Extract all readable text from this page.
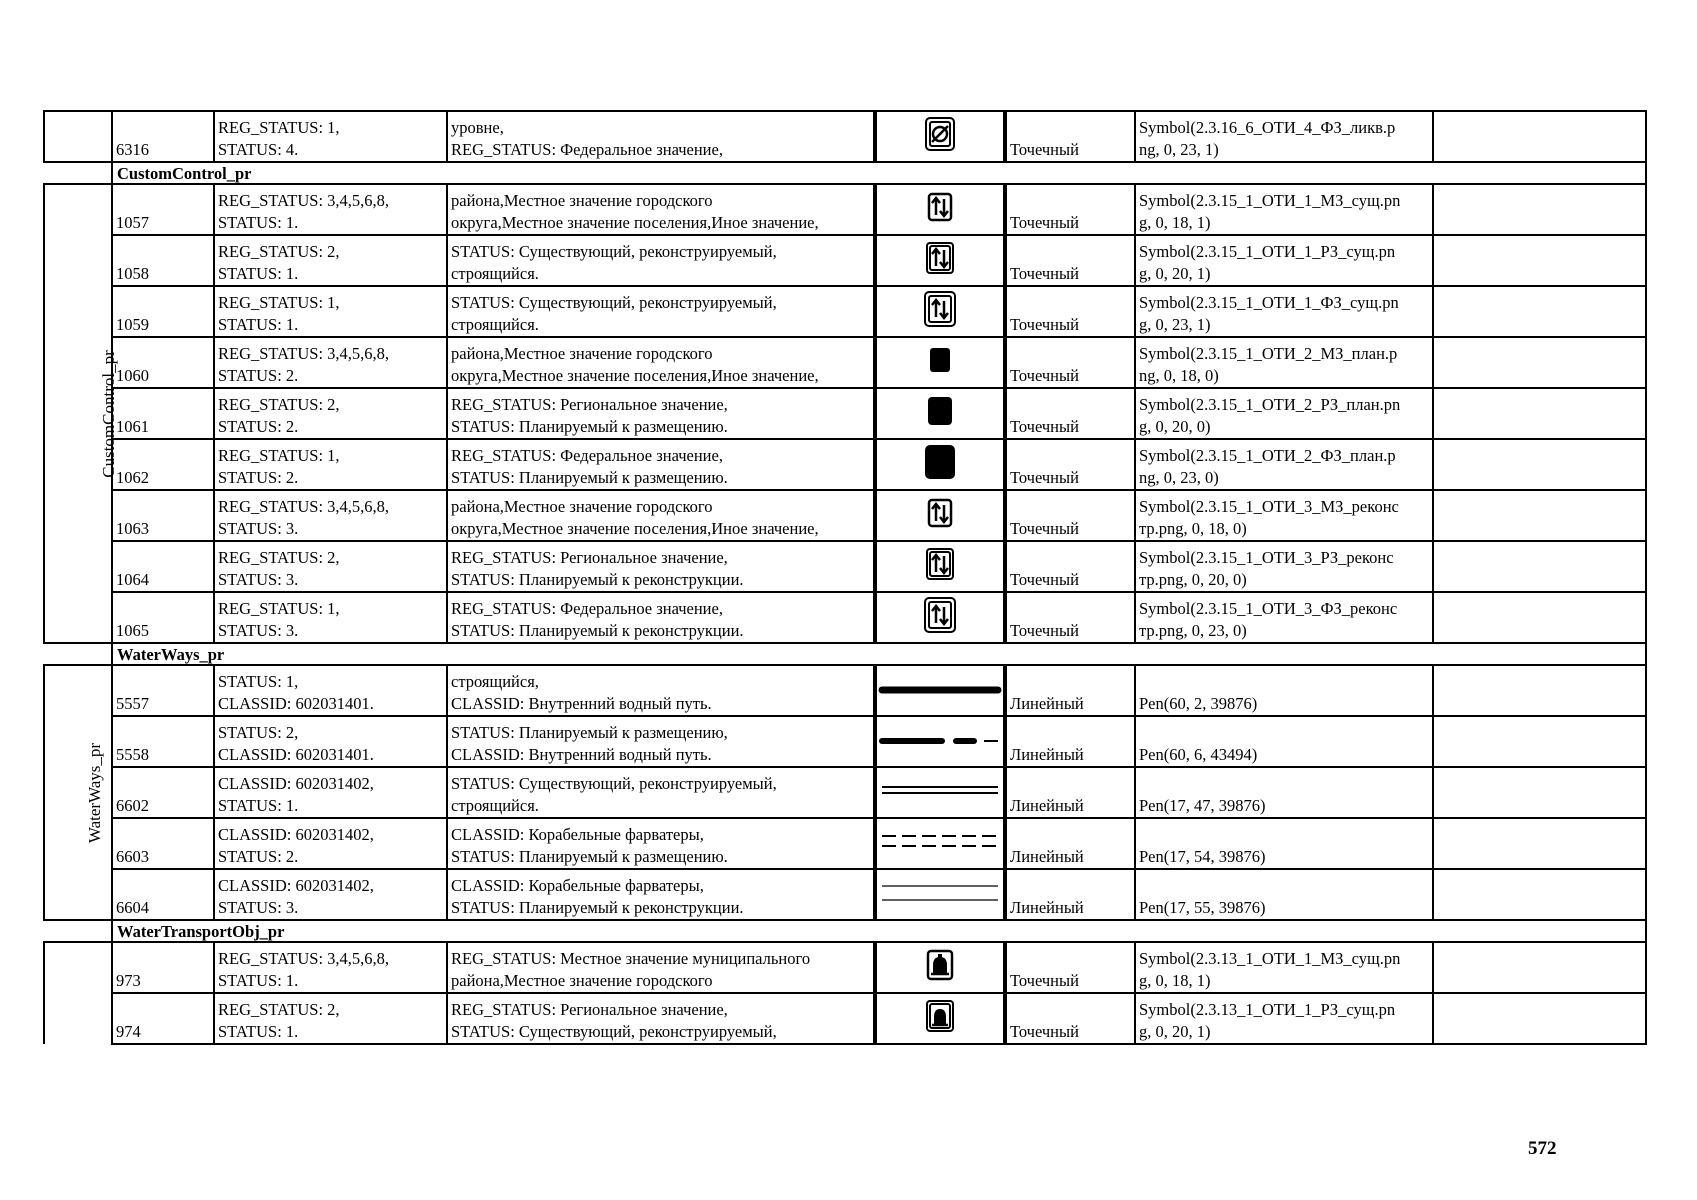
	6316	REG_STATUS: 1,
STATUS: 4.	уровне,
REG_STATUS: Федеральное значение,		Точечный	Symbol(2.3.16_6_ОТИ_4_ФЗ_ликв.p
ng, 0, 23, 1)	

	CustomControl_pr						
CustomControl_pr	1057	REG_STATUS: 3,4,5,6,8,
STATUS: 1.	района,Местное значение городского
округа,Местное значение поселения,Иное значение,		Точечный	Symbol(2.3.15_1_ОТИ_1_МЗ_сущ.pn
g, 0, 18, 1)	

	1058	REG_STATUS: 2,
STATUS: 1.	STATUS: Существующий, реконструируемый,
строящийся.		Точечный	Symbol(2.3.15_1_ОТИ_1_РЗ_сущ.pn
g, 0, 20, 1)	

	1059	REG_STATUS: 1,
STATUS: 1.	STATUS: Существующий, реконструируемый,
строящийся.		Точечный	Symbol(2.3.15_1_ОТИ_1_ФЗ_сущ.pn
g, 0, 23, 1)	

	1060	REG_STATUS: 3,4,5,6,8,
STATUS: 2.	района,Местное значение городского
округа,Местное значение поселения,Иное значение,		Точечный	Symbol(2.3.15_1_ОТИ_2_МЗ_план.p
ng, 0, 18, 0)	

	1061	REG_STATUS: 2,
STATUS: 2.	REG_STATUS: Региональное значение,
STATUS: Планируемый к размещению.		Точечный	Symbol(2.3.15_1_ОТИ_2_РЗ_план.pn
g, 0, 20, 0)	

	1062	REG_STATUS: 1,
STATUS: 2.	REG_STATUS: Федеральное значение,
STATUS: Планируемый к размещению.		Точечный	Symbol(2.3.15_1_ОТИ_2_ФЗ_план.p
ng, 0, 23, 0)	

	1063	REG_STATUS: 3,4,5,6,8,
STATUS: 3.	района,Местное значение городского
округа,Местное значение поселения,Иное значение,		Точечный	Symbol(2.3.15_1_ОТИ_3_МЗ_реконс
тр.png, 0, 18, 0)	

	1064	REG_STATUS: 2,
STATUS: 3.	REG_STATUS: Региональное значение,
STATUS: Планируемый к реконструкции.		Точечный	Symbol(2.3.15_1_ОТИ_3_РЗ_реконс
тр.png, 0, 20, 0)	

	1065	REG_STATUS: 1,
STATUS: 3.	REG_STATUS: Федеральное значение,
STATUS: Планируемый к реконструкции.		Точечный	Symbol(2.3.15_1_ОТИ_3_ФЗ_реконс
тр.png, 0, 23, 0)	

	WaterWays_pr						
WaterWays_pr	5557	STATUS: 1,
CLASSID: 602031401.	строящийся,
CLASSID: Внутренний водный путь.		Линейный	Pen(60, 2, 39876)	

	5558	STATUS: 2,
CLASSID: 602031401.	STATUS: Планируемый к размещению,
CLASSID: Внутренний водный путь.		Линейный	Pen(60, 6, 43494)	

	6602	CLASSID: 602031402,
STATUS: 1.	STATUS: Существующий, реконструируемый,
строящийся.		Линейный	Pen(17, 47, 39876)	

	6603	CLASSID: 602031402,
STATUS: 2.	CLASSID: Корабельные фарватеры,
STATUS: Планируемый к размещению.		Линейный	Pen(17, 54, 39876)	

	6604	CLASSID: 602031402,
STATUS: 3.	CLASSID: Корабельные фарватеры,
STATUS: Планируемый к реконструкции.		Линейный	Pen(17, 55, 39876)	

	WaterTransportObj_pr						
	973	REG_STATUS: 3,4,5,6,8,
STATUS: 1.	REG_STATUS: Местное значение муниципального
района,Местное значение городского		Точечный	Symbol(2.3.13_1_ОТИ_1_МЗ_сущ.pn
g, 0, 18, 1)	

	974	REG_STATUS: 2,
STATUS: 1.	REG_STATUS: Региональное значение,
STATUS: Существующий, реконструируемый,		Точечный	Symbol(2.3.13_1_ОТИ_1_РЗ_сущ.pn
g, 0, 20, 1)	

572
